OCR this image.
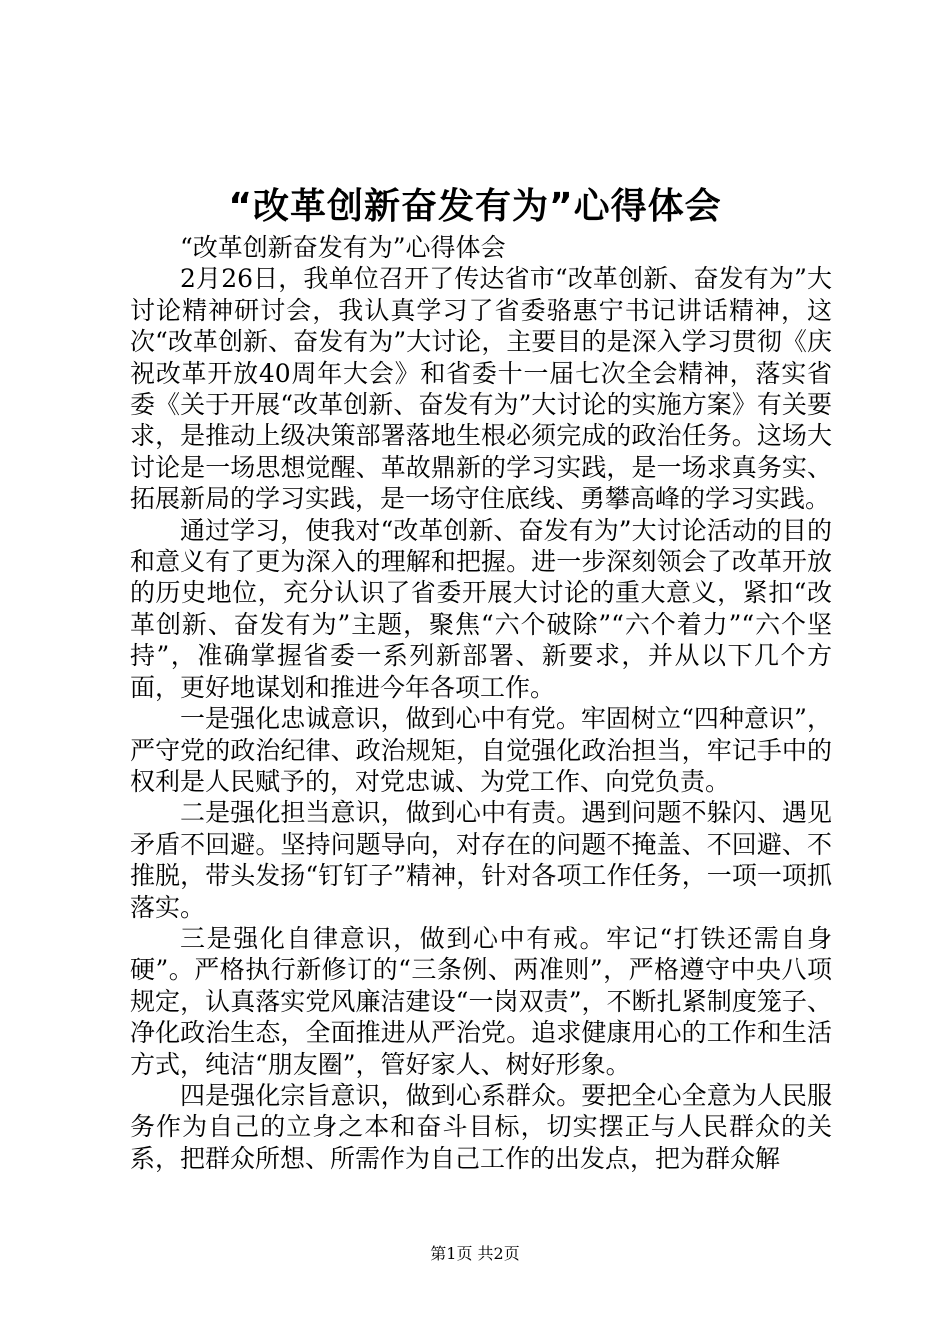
“改革创新奋发有为”心得体会

“改革创新奋发有为”心得体会

2月26日，我单位召开了传达省市“改革创新、奋发有为”大讨论精神研讨会，我认真学习了省委骆惠宁书记讲话精神，这次“改革创新、奋发有为”大讨论，主要目的是深入学习贯彻《庆祝改革开放40周年大会》和省委十一届七次全会精神，落实省委《关于开展“改革创新、奋发有为”大讨论的实施方案》有关要求，是推动上级决策部署落地生根必须完成的政治任务。这场大讨论是一场思想觉醒、革故鼎新的学习实践，是一场求真务实、拓展新局的学习实践，是一场守住底线、勇攀高峰的学习实践。

通过学习，使我对“改革创新、奋发有为”大讨论活动的目的和意义有了更为深入的理解和把握。进一步深刻领会了改革开放的历史地位，充分认识了省委开展大讨论的重大意义，紧扣“改革创新、奋发有为”主题，聚焦“六个破除”“六个着力”“六个坚持”，准确掌握省委一系列新部署、新要求，并从以下几个方面，更好地谋划和推进今年各项工作。

一是强化忠诚意识，做到心中有党。牢固树立“四种意识”，严守党的政治纪律、政治规矩，自觉强化政治担当，牢记手中的权利是人民赋予的，对党忠诚、为党工作、向党负责。

二是强化担当意识，做到心中有责。遇到问题不躲闪、遇见矛盾不回避。坚持问题导向，对存在的问题不掩盖、不回避、不推脱，带头发扬“钉钉子”精神，针对各项工作任务，一项一项抓落实。

三是强化自律意识，做到心中有戒。牢记“打铁还需自身硬”。严格执行新修订的“三条例、两准则”，严格遵守中央八项规定，认真落实党风廉洁建设“一岗双责”，不断扎紧制度笼子、净化政治生态，全面推进从严治党。追求健康用心的工作和生活方式，纯洁“朋友圈”，管好家人、树好形象。

四是强化宗旨意识，做到心系群众。要把全心全意为人民服务作为自己的立身之本和奋斗目标，切实摆正与人民群众的关系，把群众所想、所需作为自己工作的出发点，把为群众解

第1页 共2页
